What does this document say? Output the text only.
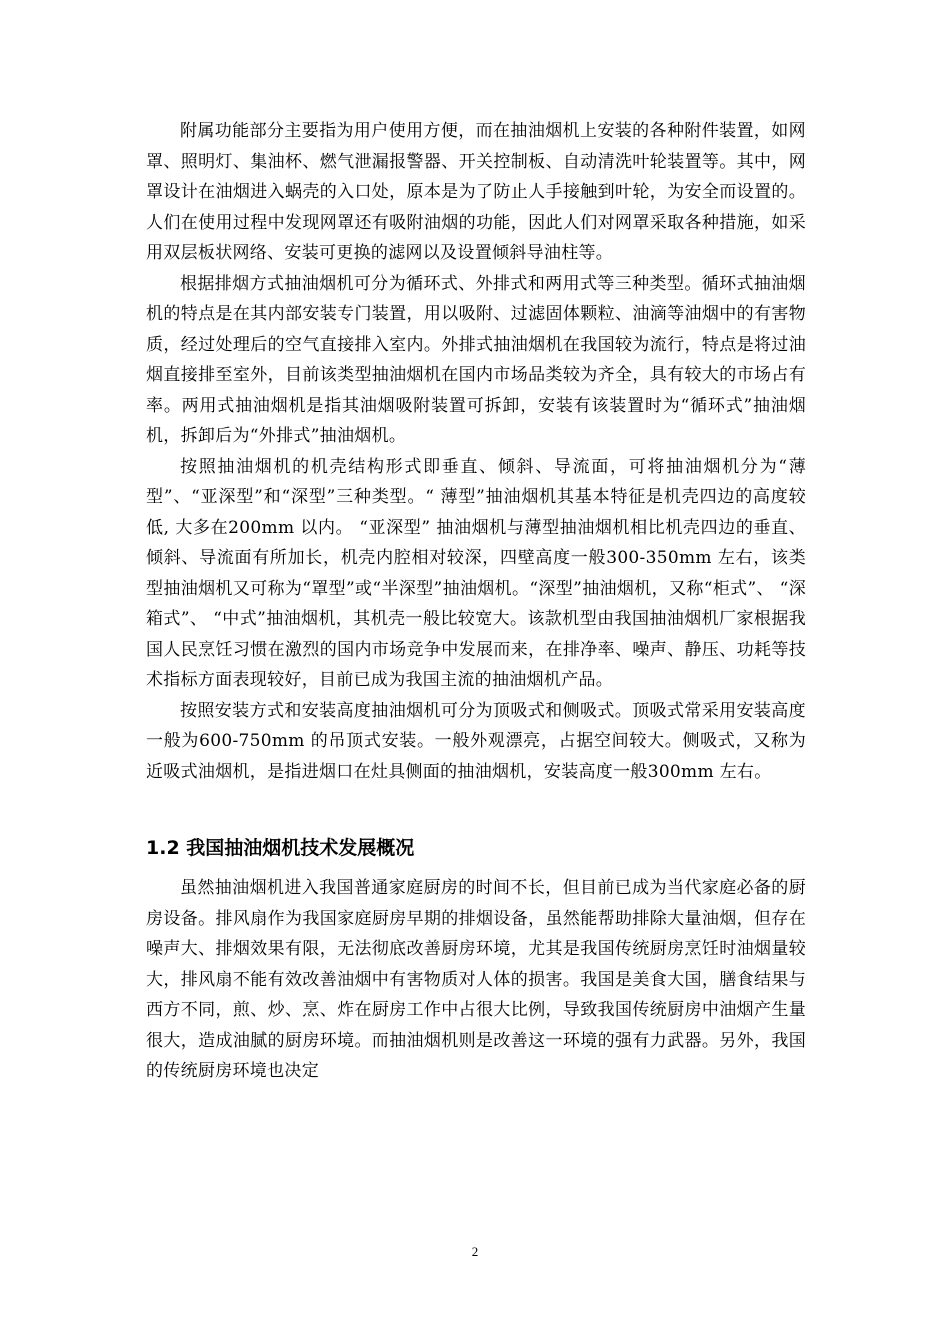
附属功能部分主要指为用户使用方便，而在抽油烟机上安装的各种附件装置，如网罩、照明灯、集油杯、燃气泄漏报警器、开关控制板、自动清洗叶轮装置等。其中，网罩设计在油烟进入蜗壳的入口处，原本是为了防止人手接触到叶轮，为安全而设置的。人们在使用过程中发现网罩还有吸附油烟的功能，因此人们对网罩采取各种措施，如采用双层板状网络、安装可更换的滤网以及设置倾斜导油柱等。

根据排烟方式抽油烟机可分为循环式、外排式和两用式等三种类型。循环式抽油烟机的特点是在其内部安装专门装置，用以吸附、过滤固体颗粒、油滴等油烟中的有害物质，经过处理后的空气直接排入室内。外排式抽油烟机在我国较为流行，特点是将过油烟直接排至室外，目前该类型抽油烟机在国内市场品类较为齐全，具有较大的市场占有率。两用式抽油烟机是指其油烟吸附装置可拆卸，安装有该装置时为“循环式”抽油烟机，拆卸后为“外排式”抽油烟机。

按照抽油烟机的机壳结构形式即垂直、倾斜、导流面，可将抽油烟机分为“薄型”、“亚深型”和“深型”三种类型。“ 薄型”抽油烟机其基本特征是机壳四边的高度较低, 大多在200mm 以内。 “亚深型” 抽油烟机与薄型抽油烟机相比机壳四边的垂直、倾斜、导流面有所加长，机壳内腔相对较深，四壁高度一般300-350mm 左右，该类型抽油烟机又可称为“罩型”或“半深型”抽油烟机。“深型”抽油烟机，又称“柜式”、 “深箱式”、 “中式”抽油烟机，其机壳一般比较宽大。该款机型由我国抽油烟机厂家根据我国人民烹饪习惯在激烈的国内市场竞争中发展而来，在排净率、噪声、静压、功耗等技术指标方面表现较好，目前已成为我国主流的抽油烟机产品。

按照安装方式和安装高度抽油烟机可分为顶吸式和侧吸式。顶吸式常采用安装高度一般为600-750mm 的吊顶式安装。一般外观漂亮，占据空间较大。侧吸式，又称为近吸式油烟机，是指进烟口在灶具侧面的抽油烟机，安装高度一般300mm 左右。

1.2 我国抽油烟机技术发展概况

虽然抽油烟机进入我国普通家庭厨房的时间不长，但目前已成为当代家庭必备的厨房设备。排风扇作为我国家庭厨房早期的排烟设备，虽然能帮助排除大量油烟，但存在噪声大、排烟效果有限，无法彻底改善厨房环境，尤其是我国传统厨房烹饪时油烟量较大，排风扇不能有效改善油烟中有害物质对人体的损害。我国是美食大国，膳食结果与西方不同，煎、炒、烹、炸在厨房工作中占很大比例，导致我国传统厨房中油烟产生量很大，造成油腻的厨房环境。而抽油烟机则是改善这一环境的强有力武器。另外，我国的传统厨房环境也决定

2
